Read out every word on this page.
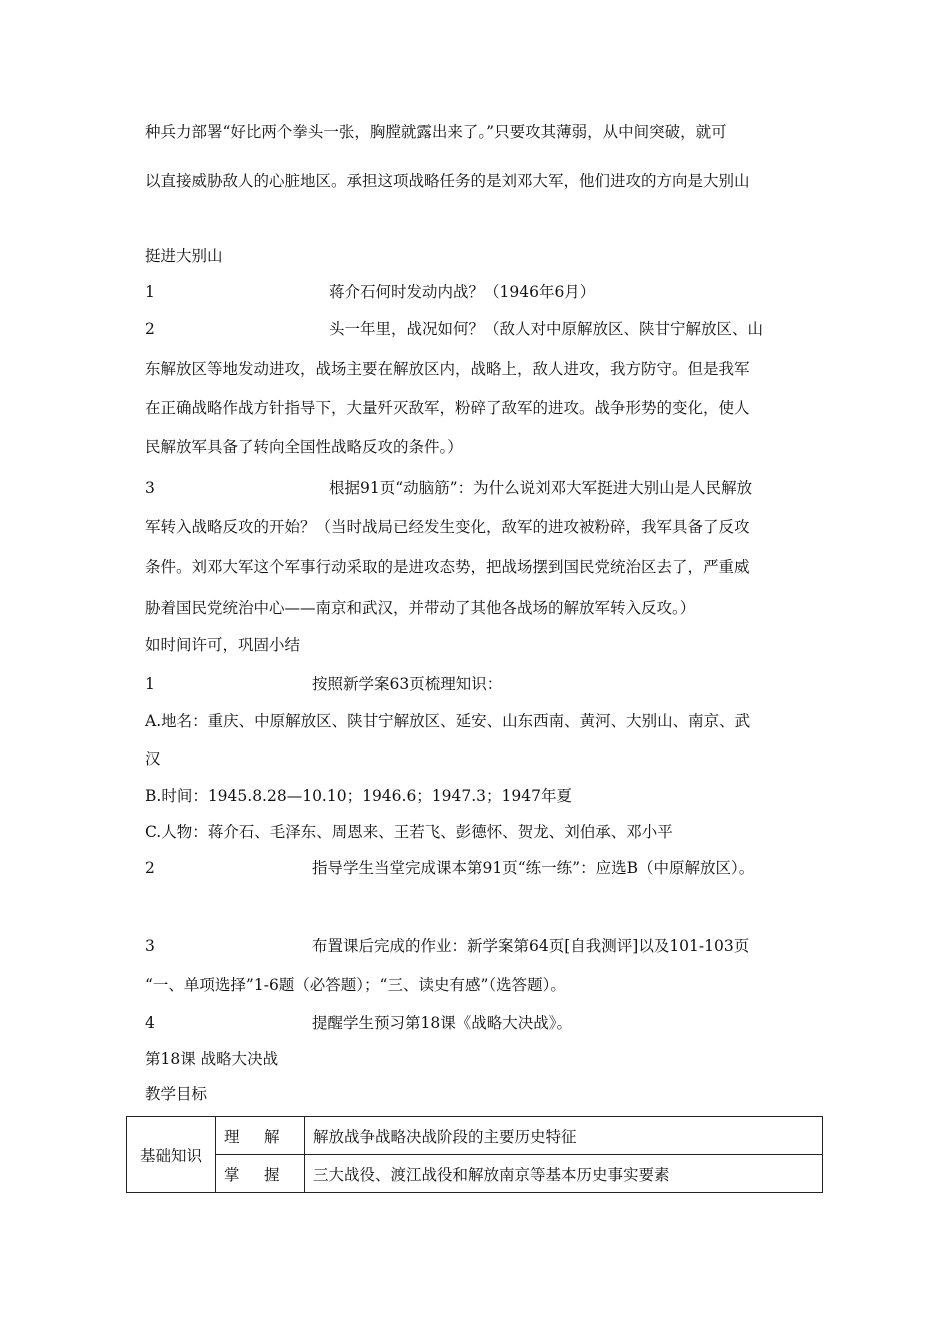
种兵力部署“好比两个拳头一张，胸膛就露出来了。”只要攻其薄弱，从中间突破，就可
以直接威胁敌人的心脏地区。承担这项战略任务的是刘邓大军，他们进攻的方向是大别山
挺进大别山
1	蒋介石何时发动内战？（1946年6月）
2	头一年里，战况如何？（敌人对中原解放区、陕甘宁解放区、山
东解放区等地发动进攻，战场主要在解放区内，战略上，敌人进攻，我方防守。但是我军
在正确战略作战方针指导下，大量歼灭敌军，粉碎了敌军的进攻。战争形势的变化，使人
民解放军具备了转向全国性战略反攻的条件。）
3	根据91页“动脑筋”：为什么说刘邓大军挺进大别山是人民解放
军转入战略反攻的开始？（当时战局已经发生变化，敌军的进攻被粉碎，我军具备了反攻
条件。刘邓大军这个军事行动采取的是进攻态势，把战场摆到国民党统治区去了，严重威
胁着国民党统治中心——南京和武汉，并带动了其他各战场的解放军转入反攻。）
如时间许可，巩固小结
1	按照新学案63页梳理知识：
A.地名：重庆、中原解放区、陕甘宁解放区、延安、山东西南、黄河、大别山、南京、武
汉
B.时间：1945.8.28—10.10；1946.6；1947.3；1947年夏
C.人物：蒋介石、毛泽东、周恩来、王若飞、彭德怀、贺龙、刘伯承、邓小平
2	指导学生当堂完成课本第91页“练一练”：应选B（中原解放区）。
3	布置课后完成的作业：新学案第64页[自我测评]以及101-103页
“一、单项选择”1-6题（必答题）；“三、读史有感”（选答题）。
4	提醒学生预习第18课《战略大决战》。
第18课 战略大决战
教学目标
基础知识	理 解	解放战争战略决战阶段的主要历史特征
	掌 握	三大战役、渡江战役和解放南京等基本历史事实要素
